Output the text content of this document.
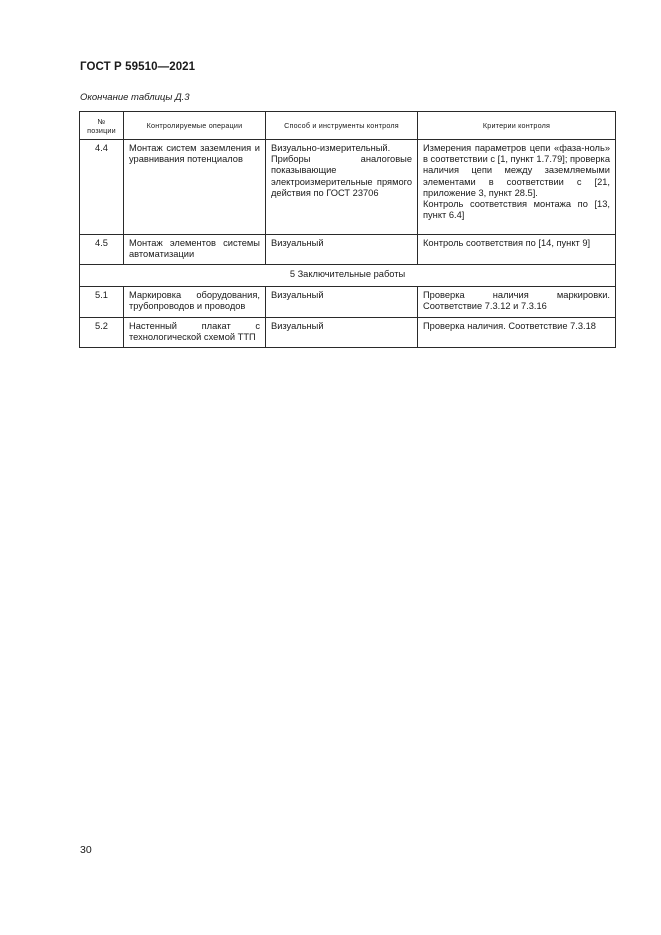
ГОСТ Р 59510—2021
Окончание таблицы Д.3
№ позиции	Контролируемые операции	Способ и инструменты контроля	Критерии контроля
4.4	Монтаж систем заземления и уравнивания потенциалов	Визуально-измерительный. Приборы аналоговые показывающие электроизмерительные прямого действия по ГОСТ 23706	Измерения параметров цепи «фаза-ноль» в соответствии с [1, пункт 1.7.79]; проверка наличия цепи между заземляемыми элементами в соответствии с [21, приложение 3, пункт 28.5].
Контроль соответствия монтажа по [13, пункт 6.4]

4.5	Монтаж элементов системы автоматизации	Визуальный	Контроль соответствия по [14, пункт 9]
5 Заключительные работы			
5.1	Маркировка оборудования, трубопроводов и проводов	Визуальный	Проверка наличия маркировки. Соответствие 7.3.12 и 7.3.16
5.2	Настенный плакат с технологической схемой ТТП	Визуальный	Проверка наличия. Соответствие 7.3.18
30
